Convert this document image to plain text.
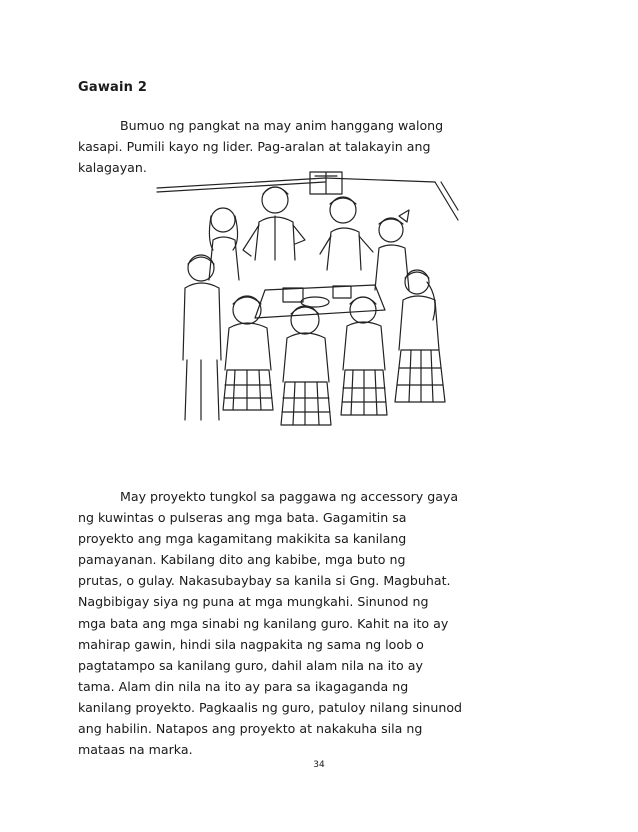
Gawain 2

Bumuo ng pangkat na may anim hanggang walong
kasapi. Pumili kayo ng lider. Pag-aralan at talakayin ang
kalagayan.

May proyekto tungkol sa paggawa ng accessory gaya
ng kuwintas o pulseras ang mga bata. Gagamitin sa
proyekto ang mga kagamitang makikita sa kanilang
pamayanan. Kabilang dito ang kabibe, mga buto ng
prutas, o gulay. Nakasubaybay sa kanila si Gng. Magbuhat.
Nagbibigay siya ng puna at mga mungkahi. Sinunod ng
mga bata ang mga sinabi ng kanilang guro. Kahit na ito ay
mahirap gawin, hindi sila nagpakita ng sama ng loob o
pagtatampo sa kanilang guro, dahil alam nila na ito ay
tama. Alam din nila na ito ay para sa ikagaganda ng
kanilang proyekto. Pagkaalis ng guro, patuloy nilang sinunod
ang habilin. Natapos ang proyekto at nakakuha sila ng
mataas na marka.

34
